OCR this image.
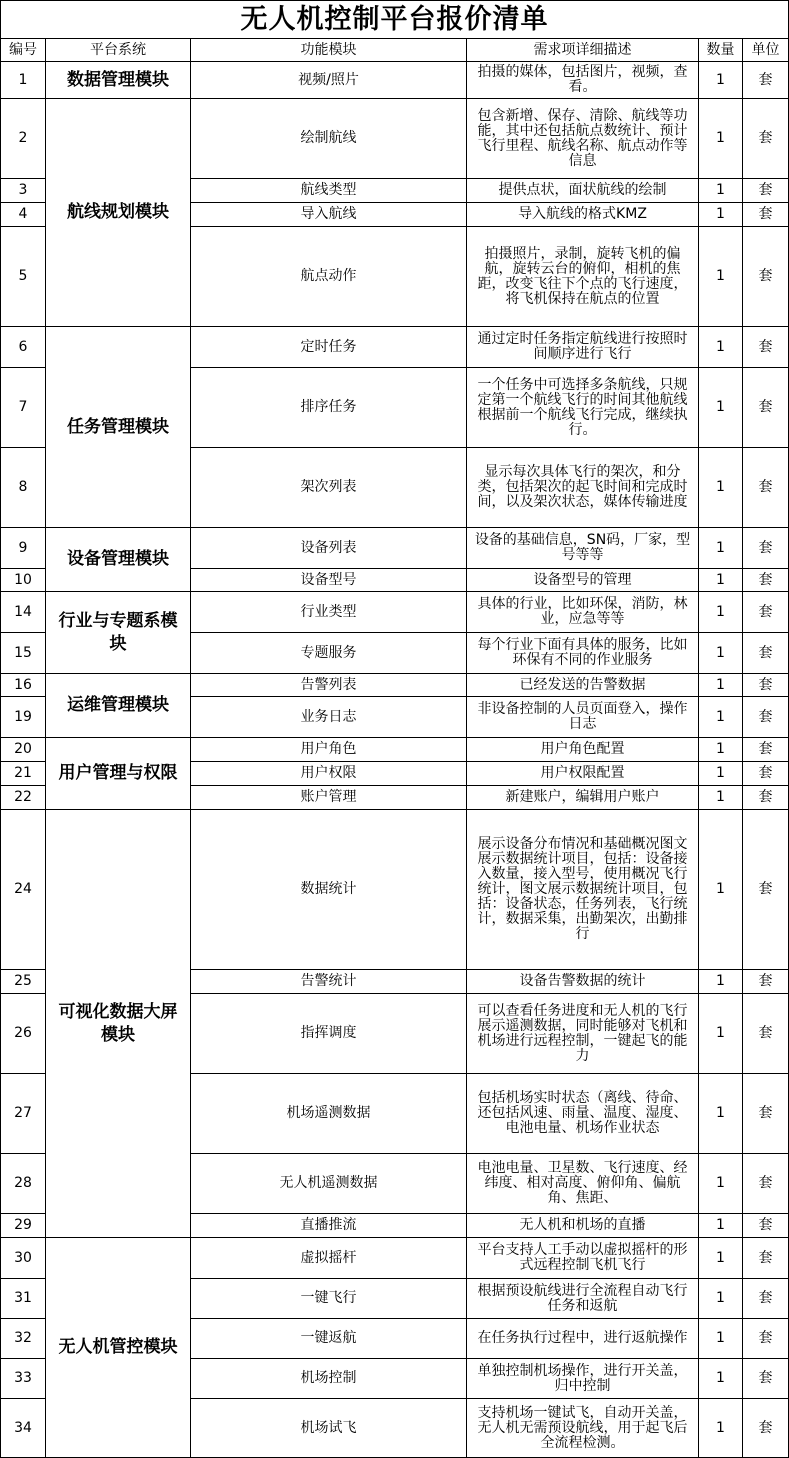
无人机控制平台报价清单					
编号	平台系统	功能模块	需求项详细描述	数量	单位
1	数据管理模块	视频/照片	拍摄的媒体，包括图片，视频，查看。	1	套
2	航线规划模块	绘制航线	包含新增、保存、清除、航线等功能，其中还包括航点数统计、预计飞行里程、航线名称、航点动作等信息	1	套
3		航线类型	提供点状，面状航线的绘制	1	套
4		导入航线	导入航线的格式KMZ	1	套
5		航点动作	拍摄照片，录制，旋转飞机的偏航，旋转云台的俯仰，相机的焦距，改变飞往下个点的飞行速度，将飞机保持在航点的位置	1	套
6	任务管理模块	定时任务	通过定时任务指定航线进行按照时间顺序进行飞行	1	套
7		排序任务	一个任务中可选择多条航线，只规定第一个航线飞行的时间其他航线根据前一个航线飞行完成，继续执行。	1	套
8		架次列表	显示每次具体飞行的架次，和分类，包括架次的起飞时间和完成时间，以及架次状态，媒体传输进度	1	套
9	设备管理模块	设备列表	设备的基础信息，SN码，厂家，型号等等	1	套
10		设备型号	设备型号的管理	1	套
14	行业与专题系模块	行业类型	具体的行业，比如环保，消防，林业，应急等等	1	套
15		专题服务	每个行业下面有具体的服务，比如环保有不同的作业服务	1	套
16	运维管理模块	告警列表	已经发送的告警数据	1	套
19		业务日志	非设备控制的人员页面登入，操作日志	1	套
20	用户管理与权限	用户角色	用户角色配置	1	套
21		用户权限	用户权限配置	1	套
22		账户管理	新建账户，编辑用户账户	1	套
24	可视化数据大屏模块	数据统计	展示设备分布情况和基础概况图文展示数据统计项目，包括：设备接入数量，接入型号，使用概况飞行统计，图文展示数据统计项目，包括：设备状态，任务列表，飞行统计，数据采集，出勤架次，出勤排行	1	套
25		告警统计	设备告警数据的统计	1	套
26		指挥调度	可以查看任务进度和无人机的飞行展示遥测数据，同时能够对飞机和机场进行远程控制，一键起飞的能力	1	套
27		机场遥测数据	包括机场实时状态（离线、待命、还包括风速、雨量、温度、湿度、电池电量、机场作业状态	1	套
28		无人机遥测数据	电池电量、卫星数、飞行速度、经纬度、相对高度、俯仰角、偏航角、焦距、	1	套
29		直播推流	无人机和机场的直播	1	套
30	无人机管控模块	虚拟摇杆	平台支持人工手动以虚拟摇杆的形式远程控制飞机飞行	1	套
31		一键飞行	根据预设航线进行全流程自动飞行任务和返航	1	套
32		一键返航	在任务执行过程中，进行返航操作	1	套
33		机场控制	单独控制机场操作，进行开关盖，归中控制	1	套
34		机场试飞	支持机场一键试飞，自动开关盖，无人机无需预设航线，用于起飞后全流程检测。	1	套
